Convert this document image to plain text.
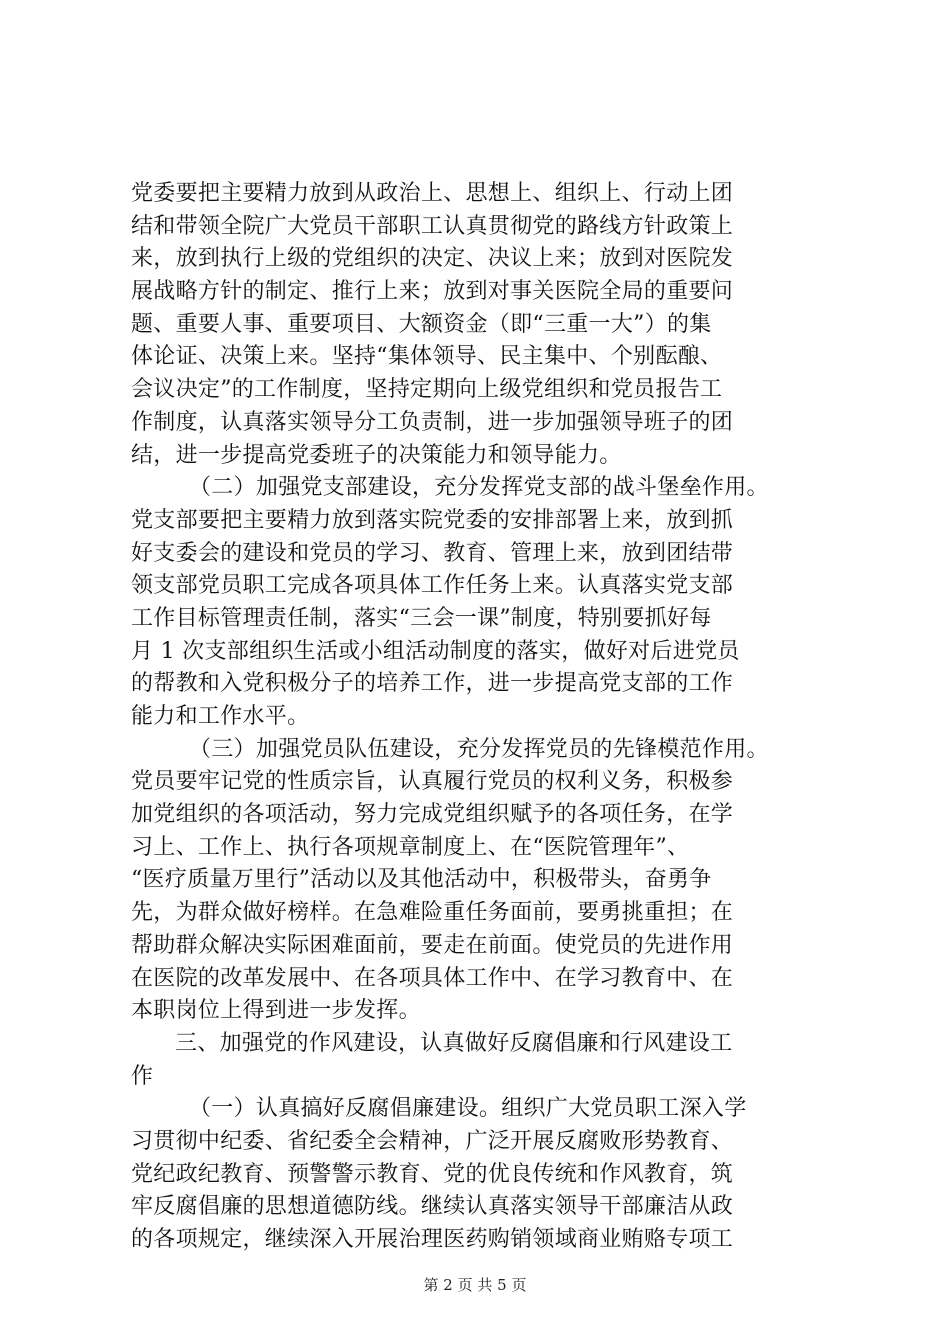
党委要把主要精力放到从政治上、思想上、组织上、行动上团
结和带领全院广大党员干部职工认真贯彻党的路线方针政策上
来，放到执行上级的党组织的决定、决议上来；放到对医院发
展战略方针的制定、推行上来；放到对事关医院全局的重要问
题、重要人事、重要项目、大额资金（即“三重一大”）的集
体论证、决策上来。坚持“集体领导、民主集中、个别酝酿、
会议决定”的工作制度，坚持定期向上级党组织和党员报告工
作制度，认真落实领导分工负责制，进一步加强领导班子的团
结，进一步提高党委班子的决策能力和领导能力。
（二）加强党支部建设，充分发挥党支部的战斗堡垒作用。
党支部要把主要精力放到落实院党委的安排部署上来，放到抓
好支委会的建设和党员的学习、教育、管理上来，放到团结带
领支部党员职工完成各项具体工作任务上来。认真落实党支部
工作目标管理责任制，落实“三会一课”制度，特别要抓好每
月 1 次支部组织生活或小组活动制度的落实，做好对后进党员
的帮教和入党积极分子的培养工作，进一步提高党支部的工作
能力和工作水平。
（三）加强党员队伍建设，充分发挥党员的先锋模范作用。
党员要牢记党的性质宗旨，认真履行党员的权利义务，积极参
加党组织的各项活动，努力完成党组织赋予的各项任务，在学
习上、工作上、执行各项规章制度上、在“医院管理年”、
“医疗质量万里行”活动以及其他活动中，积极带头，奋勇争
先，为群众做好榜样。在急难险重任务面前，要勇挑重担；在
帮助群众解决实际困难面前，要走在前面。使党员的先进作用
在医院的改革发展中、在各项具体工作中、在学习教育中、在
本职岗位上得到进一步发挥。
三、加强党的作风建设，认真做好反腐倡廉和行风建设工
作
（一）认真搞好反腐倡廉建设。组织广大党员职工深入学
习贯彻中纪委、省纪委全会精神，广泛开展反腐败形势教育、
党纪政纪教育、预警警示教育、党的优良传统和作风教育，筑
牢反腐倡廉的思想道德防线。继续认真落实领导干部廉洁从政
的各项规定，继续深入开展治理医药购销领域商业贿赂专项工
第 2 页 共 5 页
